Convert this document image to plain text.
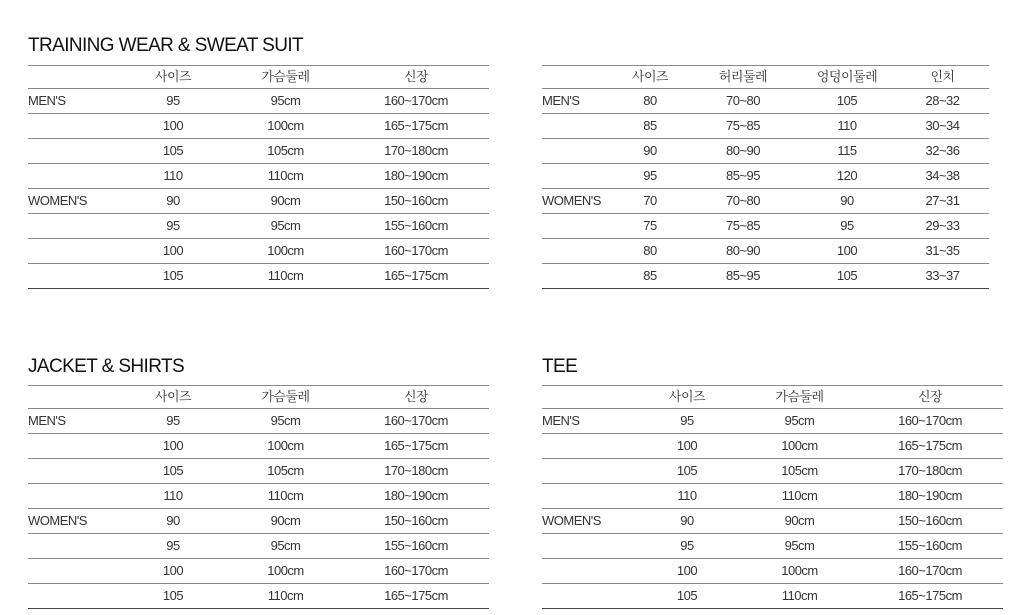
TRAINING WEAR & SWEAT SUIT
	사이즈	가슴둘레	신장
MEN'S	95	95cm	160~170cm
	100	100cm	165~175cm
	105	105cm	170~180cm
	110	110cm	180~190cm
WOMEN'S	90	90cm	150~160cm
	95	95cm	155~160cm
	100	100cm	160~170cm
	105	110cm	165~175cm
	사이즈	허리둘레	엉덩이둘레	인치
MEN'S	80	70~80	105	28~32
	85	75~85	110	30~34
	90	80~90	115	32~36
	95	85~95	120	34~38
WOMEN'S	70	70~80	90	27~31
	75	75~85	95	29~33
	80	80~90	100	31~35
	85	85~95	105	33~37
JACKET & SHIRTS
	사이즈	가슴둘레	신장
MEN'S	95	95cm	160~170cm
	100	100cm	165~175cm
	105	105cm	170~180cm
	110	110cm	180~190cm
WOMEN'S	90	90cm	150~160cm
	95	95cm	155~160cm
	100	100cm	160~170cm
	105	110cm	165~175cm
TEE
	사이즈	가슴둘레	신장
MEN'S	95	95cm	160~170cm
	100	100cm	165~175cm
	105	105cm	170~180cm
	110	110cm	180~190cm
WOMEN'S	90	90cm	150~160cm
	95	95cm	155~160cm
	100	100cm	160~170cm
	105	110cm	165~175cm
